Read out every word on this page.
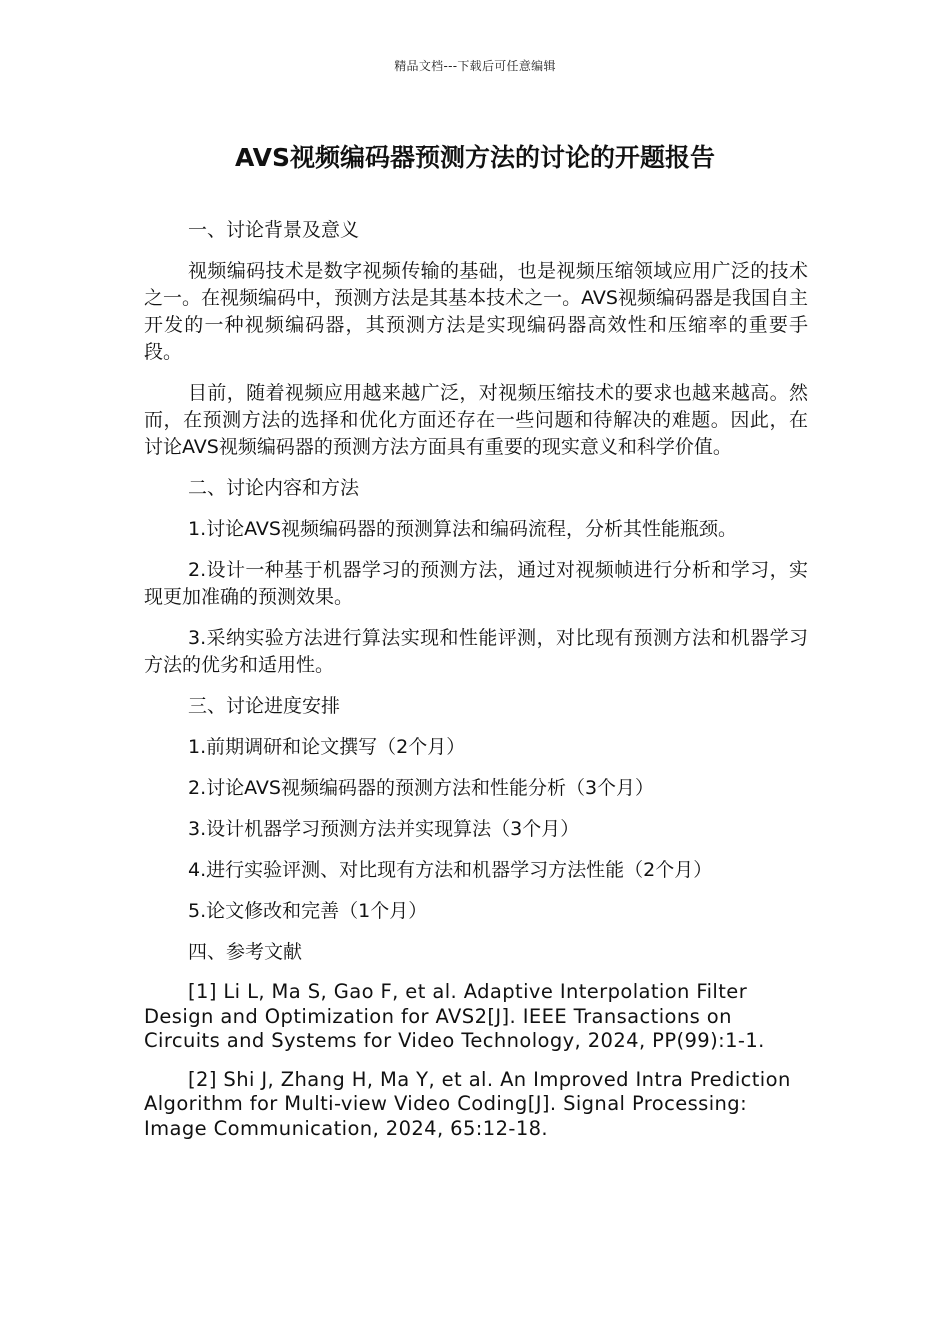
精品文档---下载后可任意编辑
AVS视频编码器预测方法的讨论的开题报告

一、讨论背景及意义

视频编码技术是数字视频传输的基础，也是视频压缩领域应用广泛的技术之一。在视频编码中，预测方法是其基本技术之一。AVS视频编码器是我国自主开发的一种视频编码器，其预测方法是实现编码器高效性和压缩率的重要手段。

目前，随着视频应用越来越广泛，对视频压缩技术的要求也越来越高。然而，在预测方法的选择和优化方面还存在一些问题和待解决的难题。因此，在讨论AVS视频编码器的预测方法方面具有重要的现实意义和科学价值。

二、讨论内容和方法

1.讨论AVS视频编码器的预测算法和编码流程，分析其性能瓶颈。

2.设计一种基于机器学习的预测方法，通过对视频帧进行分析和学习，实现更加准确的预测效果。

3.采纳实验方法进行算法实现和性能评测，对比现有预测方法和机器学习方法的优劣和适用性。

三、讨论进度安排

1.前期调研和论文撰写（2个月）

2.讨论AVS视频编码器的预测方法和性能分析（3个月）

3.设计机器学习预测方法并实现算法（3个月）

4.进行实验评测、对比现有方法和机器学习方法性能（2个月）

5.论文修改和完善（1个月）

四、参考文献

[1] Li L, Ma S, Gao F, et al. Adaptive Interpolation Filter Design and Optimization for AVS2[J]. IEEE Transactions on Circuits and Systems for Video Technology, 2024, PP(99):1-1.

[2] Shi J, Zhang H, Ma Y, et al. An Improved Intra Prediction Algorithm for Multi-view Video Coding[J]. Signal Processing: Image Communication, 2024, 65:12-18.
